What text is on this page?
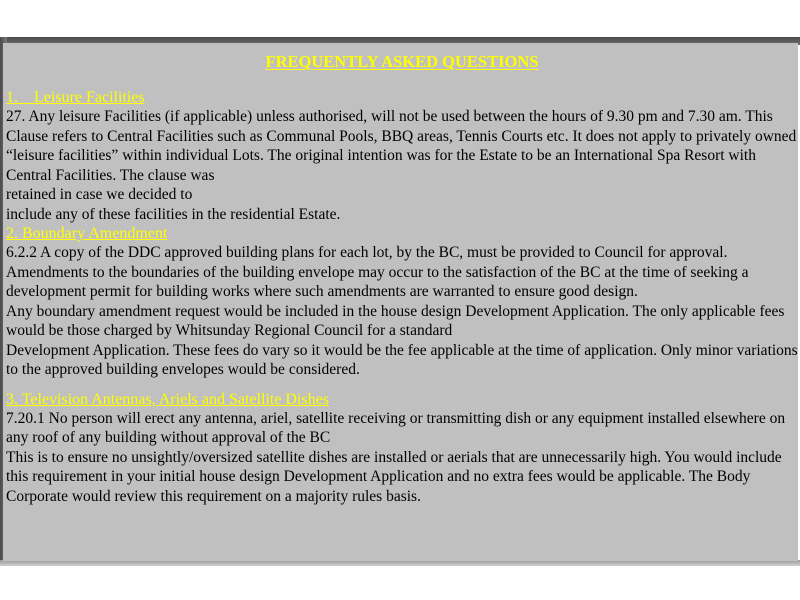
FREQUENTLY ASKED QUESTIONS
1.    Leisure Facilities

27. Any leisure Facilities (if applicable) unless authorised, will not be used between the hours of 9.30 pm and 7.30 am. This Clause refers to Central Facilities such as Communal Pools, BBQ areas, Tennis Courts etc. It does not apply to privately owned “leisure facilities” within individual Lots. The original intention was for the Estate to be an International Spa Resort with Central Facilities. The clause was

retained in case we decided to

include any of these facilities in the residential Estate.

2. Boundary Amendment

6.2.2 A copy of the DDC approved building plans for each lot, by the BC, must be provided to Council for approval. Amendments to the boundaries of the building envelope may occur to the satisfaction of the BC at the time of seeking a development permit for building works where such amendments are warranted to ensure good design.

Any boundary amendment request would be included in the house design Development Application. The only applicable fees would be those charged by Whitsunday Regional Council for a standard

Development Application. These fees do vary so it would be the fee applicable at the time of application. Only minor variations to the approved building envelopes would be considered.

3. Television Antennas, Ariels and Satellite Dishes

7.20.1 No person will erect any antenna, ariel, satellite receiving or transmitting dish or any equipment installed elsewhere on any roof of any building without approval of the BC

This is to ensure no unsightly/oversized satellite dishes are installed or aerials that are unnecessarily high. You would include this requirement in your initial house design Development Application and no extra fees would be applicable. The Body Corporate would review this requirement on a majority rules basis.
